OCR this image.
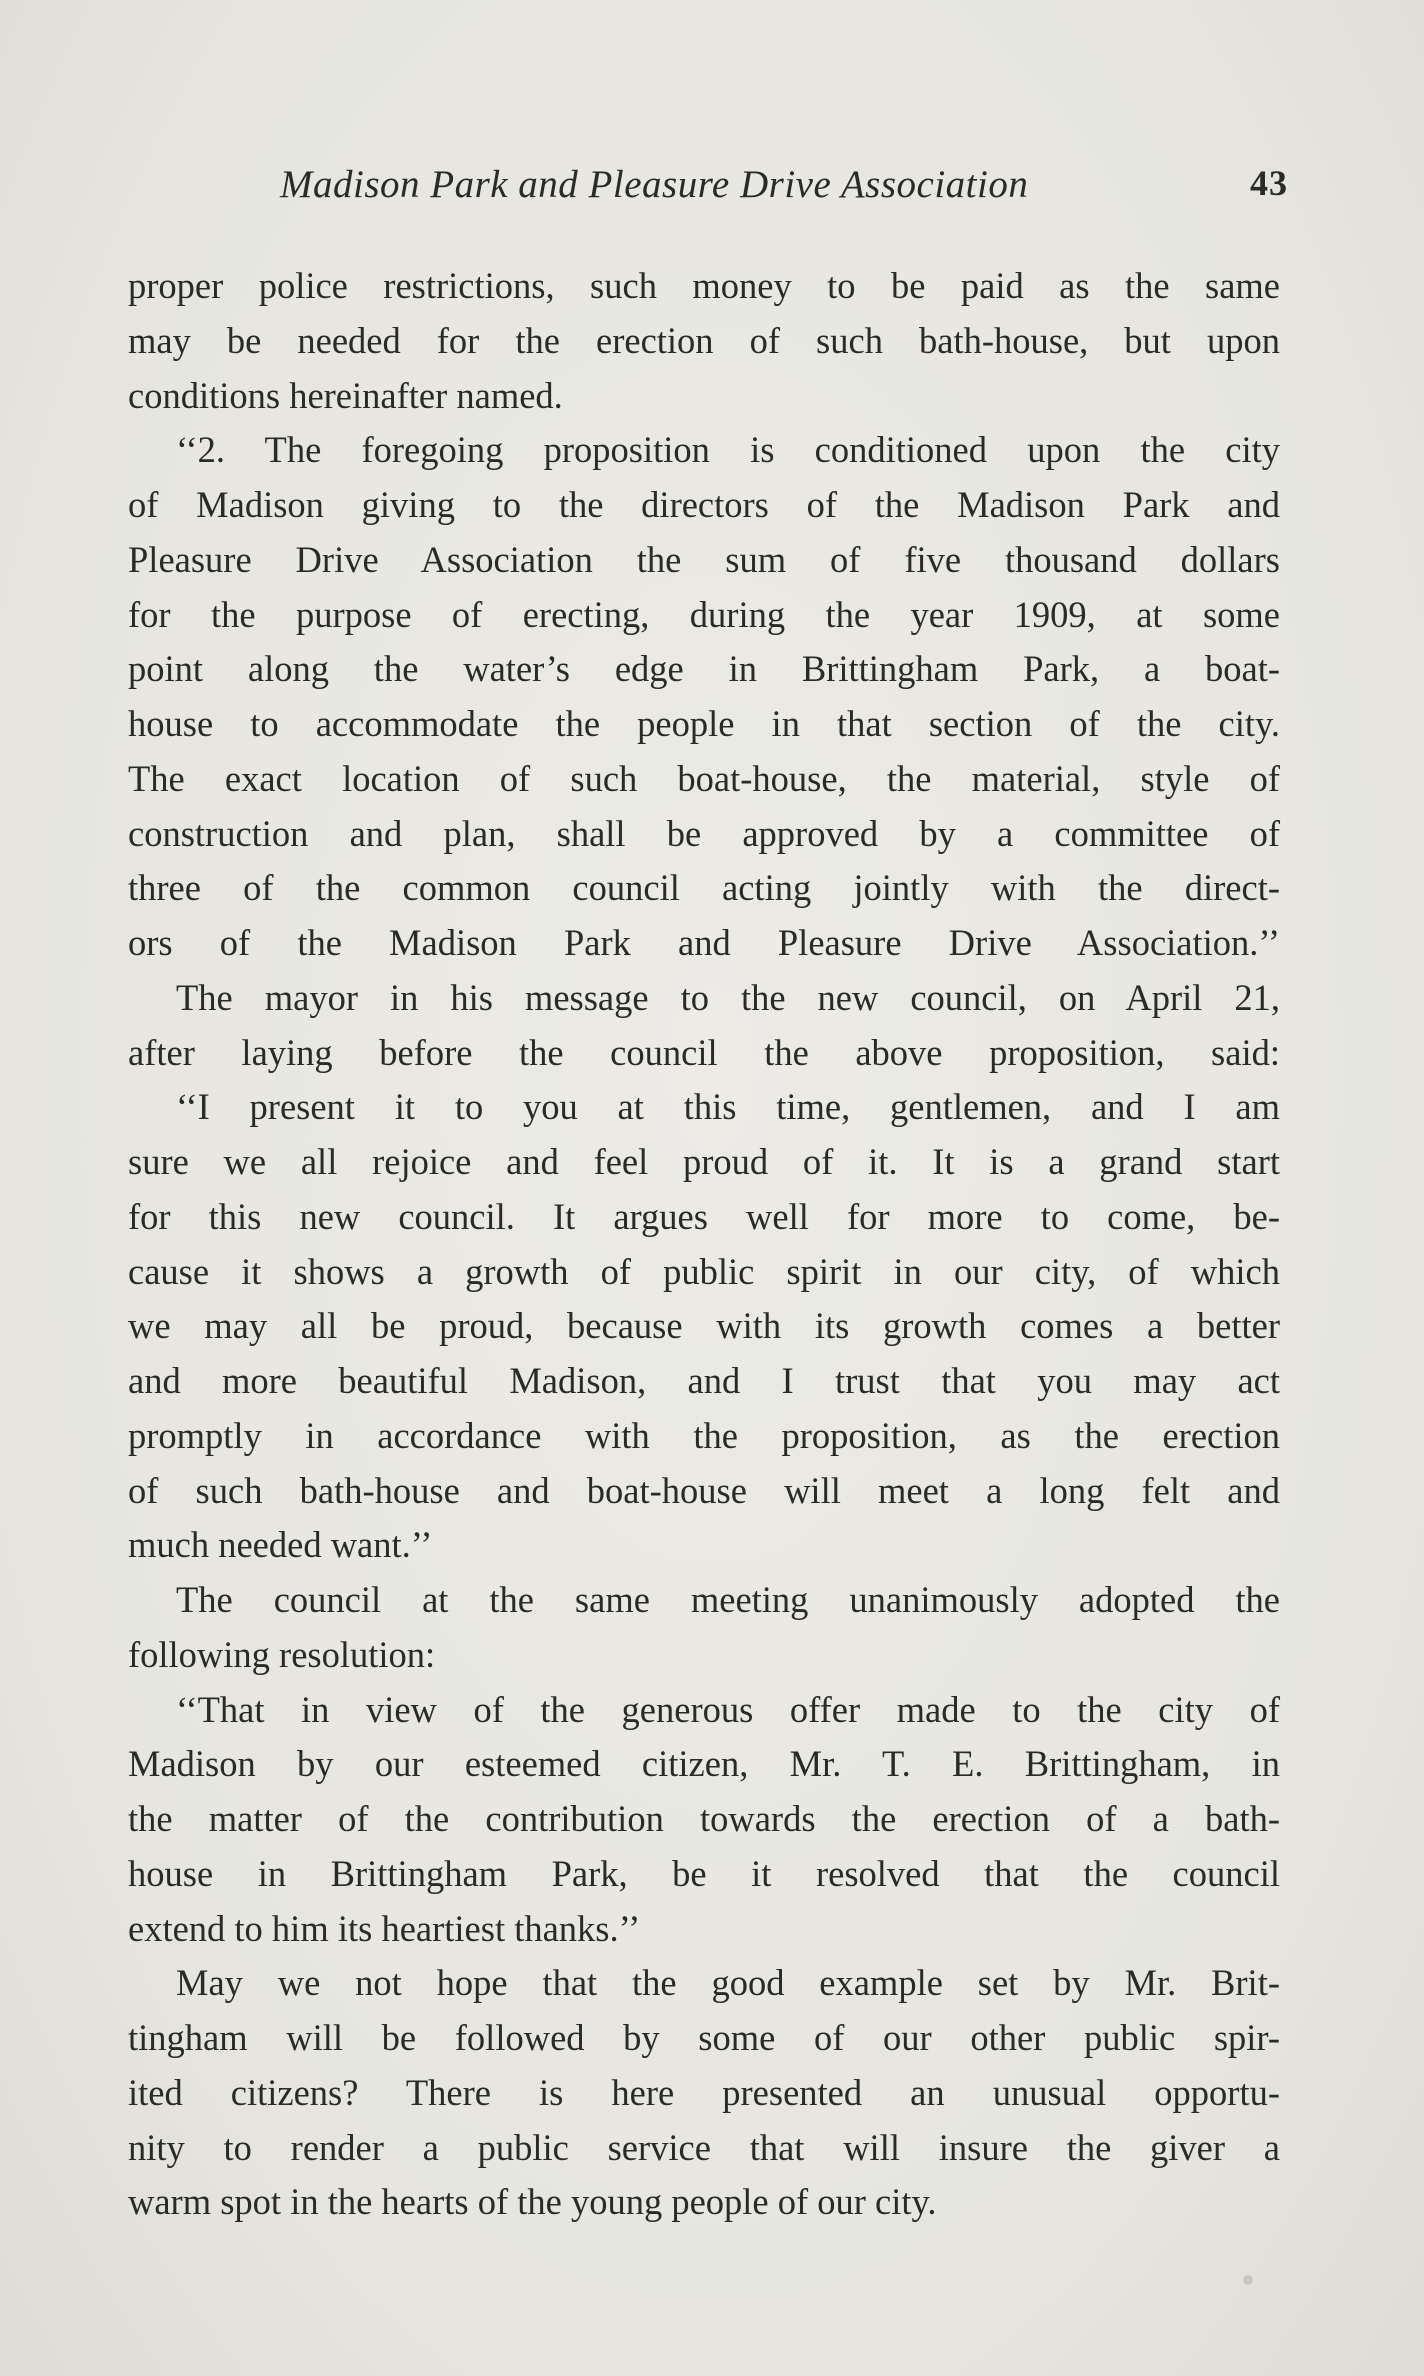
Madison Park and Pleasure Drive Association	43
proper police restrictions, such money to be paid as the same
may be needed for the erection of such bath-house, but upon
conditions hereinafter named.
‘‘2. The foregoing proposition is conditioned upon the city
of Madison giving to the directors of the Madison Park and
Pleasure Drive Association the sum of five thousand dollars
for the purpose of erecting, during the year 1909, at some
point along the water’s edge in Brittingham Park, a boat-
house to accommodate the people in that section of the city.
The exact location of such boat-house, the material, style of
construction and plan, shall be approved by a committee of
three of the common council acting jointly with the direct-
ors of the Madison Park and Pleasure Drive Association.’’
The mayor in his message to the new council, on April 21,
after laying before the council the above proposition, said:
‘‘I present it to you at this time, gentlemen, and I am
sure we all rejoice and feel proud of it. It is a grand start
for this new council. It argues well for more to come, be-
cause it shows a growth of public spirit in our city, of which
we may all be proud, because with its growth comes a better
and more beautiful Madison, and I trust that you may act
promptly in accordance with the proposition, as the erection
of such bath-house and boat-house will meet a long felt and
much needed want.’’
The council at the same meeting unanimously adopted the
following resolution:
‘‘That in view of the generous offer made to the city of
Madison by our esteemed citizen, Mr. T. E. Brittingham, in
the matter of the contribution towards the erection of a bath-
house in Brittingham Park, be it resolved that the council
extend to him its heartiest thanks.’’
May we not hope that the good example set by Mr. Brit-
tingham will be followed by some of our other public spir-
ited citizens? There is here presented an unusual opportu-
nity to render a public service that will insure the giver a
warm spot in the hearts of the young people of our city.
